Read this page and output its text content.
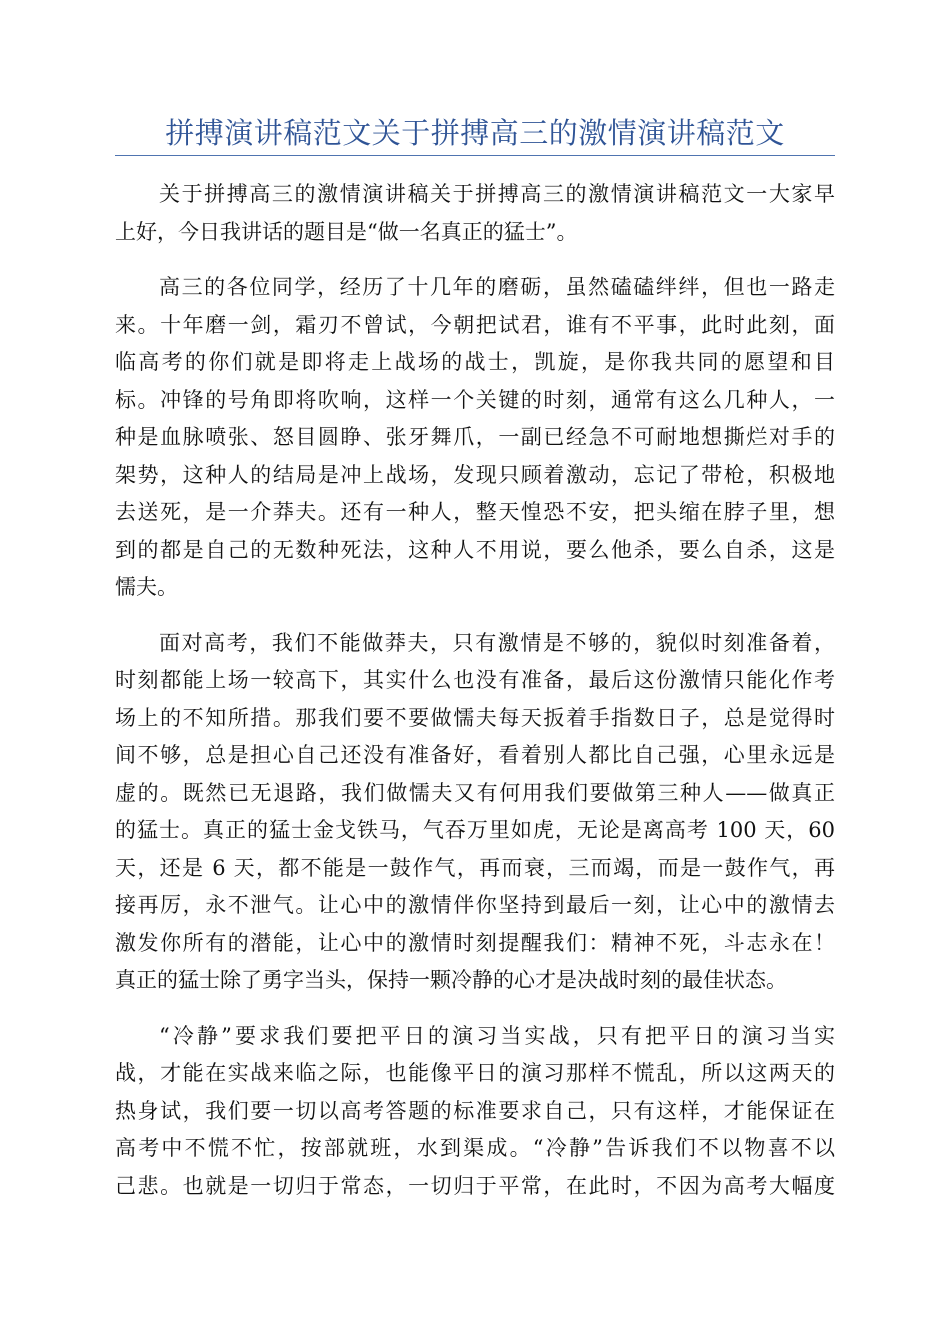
拼搏演讲稿范文关于拼搏高三的激情演讲稿范文
关于拼搏高三的激情演讲稿关于拼搏高三的激情演讲稿范文一大家早
上好，今日我讲话的题目是“做一名真正的猛士”。
高三的各位同学，经历了十几年的磨砺，虽然磕磕绊绊，但也一路走
来。十年磨一剑，霜刃不曾试，今朝把试君，谁有不平事，此时此刻，面
临高考的你们就是即将走上战场的战士，凯旋，是你我共同的愿望和目
标。冲锋的号角即将吹响，这样一个关键的时刻，通常有这么几种人，一
种是血脉喷张、怒目圆睁、张牙舞爪，一副已经急不可耐地想撕烂对手的
架势，这种人的结局是冲上战场，发现只顾着激动，忘记了带枪，积极地
去送死，是一介莽夫。还有一种人，整天惶恐不安，把头缩在脖子里，想
到的都是自己的无数种死法，这种人不用说，要么他杀，要么自杀，这是
懦夫。
面对高考，我们不能做莽夫，只有激情是不够的，貌似时刻准备着，
时刻都能上场一较高下，其实什么也没有准备，最后这份激情只能化作考
场上的不知所措。那我们要不要做懦夫每天扳着手指数日子，总是觉得时
间不够，总是担心自己还没有准备好，看着别人都比自己强，心里永远是
虚的。既然已无退路，我们做懦夫又有何用我们要做第三种人——做真正
的猛士。真正的猛士金戈铁马，气吞万里如虎，无论是离高考 100 天，60
天，还是 6 天，都不能是一鼓作气，再而衰，三而竭，而是一鼓作气，再
接再厉，永不泄气。让心中的激情伴你坚持到最后一刻，让心中的激情去
激发你所有的潜能，让心中的激情时刻提醒我们：精神不死，斗志永在！
真正的猛士除了勇字当头，保持一颗冷静的心才是决战时刻的最佳状态。
“冷静”要求我们要把平日的演习当实战，只有把平日的演习当实
战，才能在实战来临之际，也能像平日的演习那样不慌乱，所以这两天的
热身试，我们要一切以高考答题的标准要求自己，只有这样，才能保证在
高考中不慌不忙，按部就班，水到渠成。“冷静”告诉我们不以物喜不以
己悲。也就是一切归于常态，一切归于平常，在此时，不因为高考大幅度
